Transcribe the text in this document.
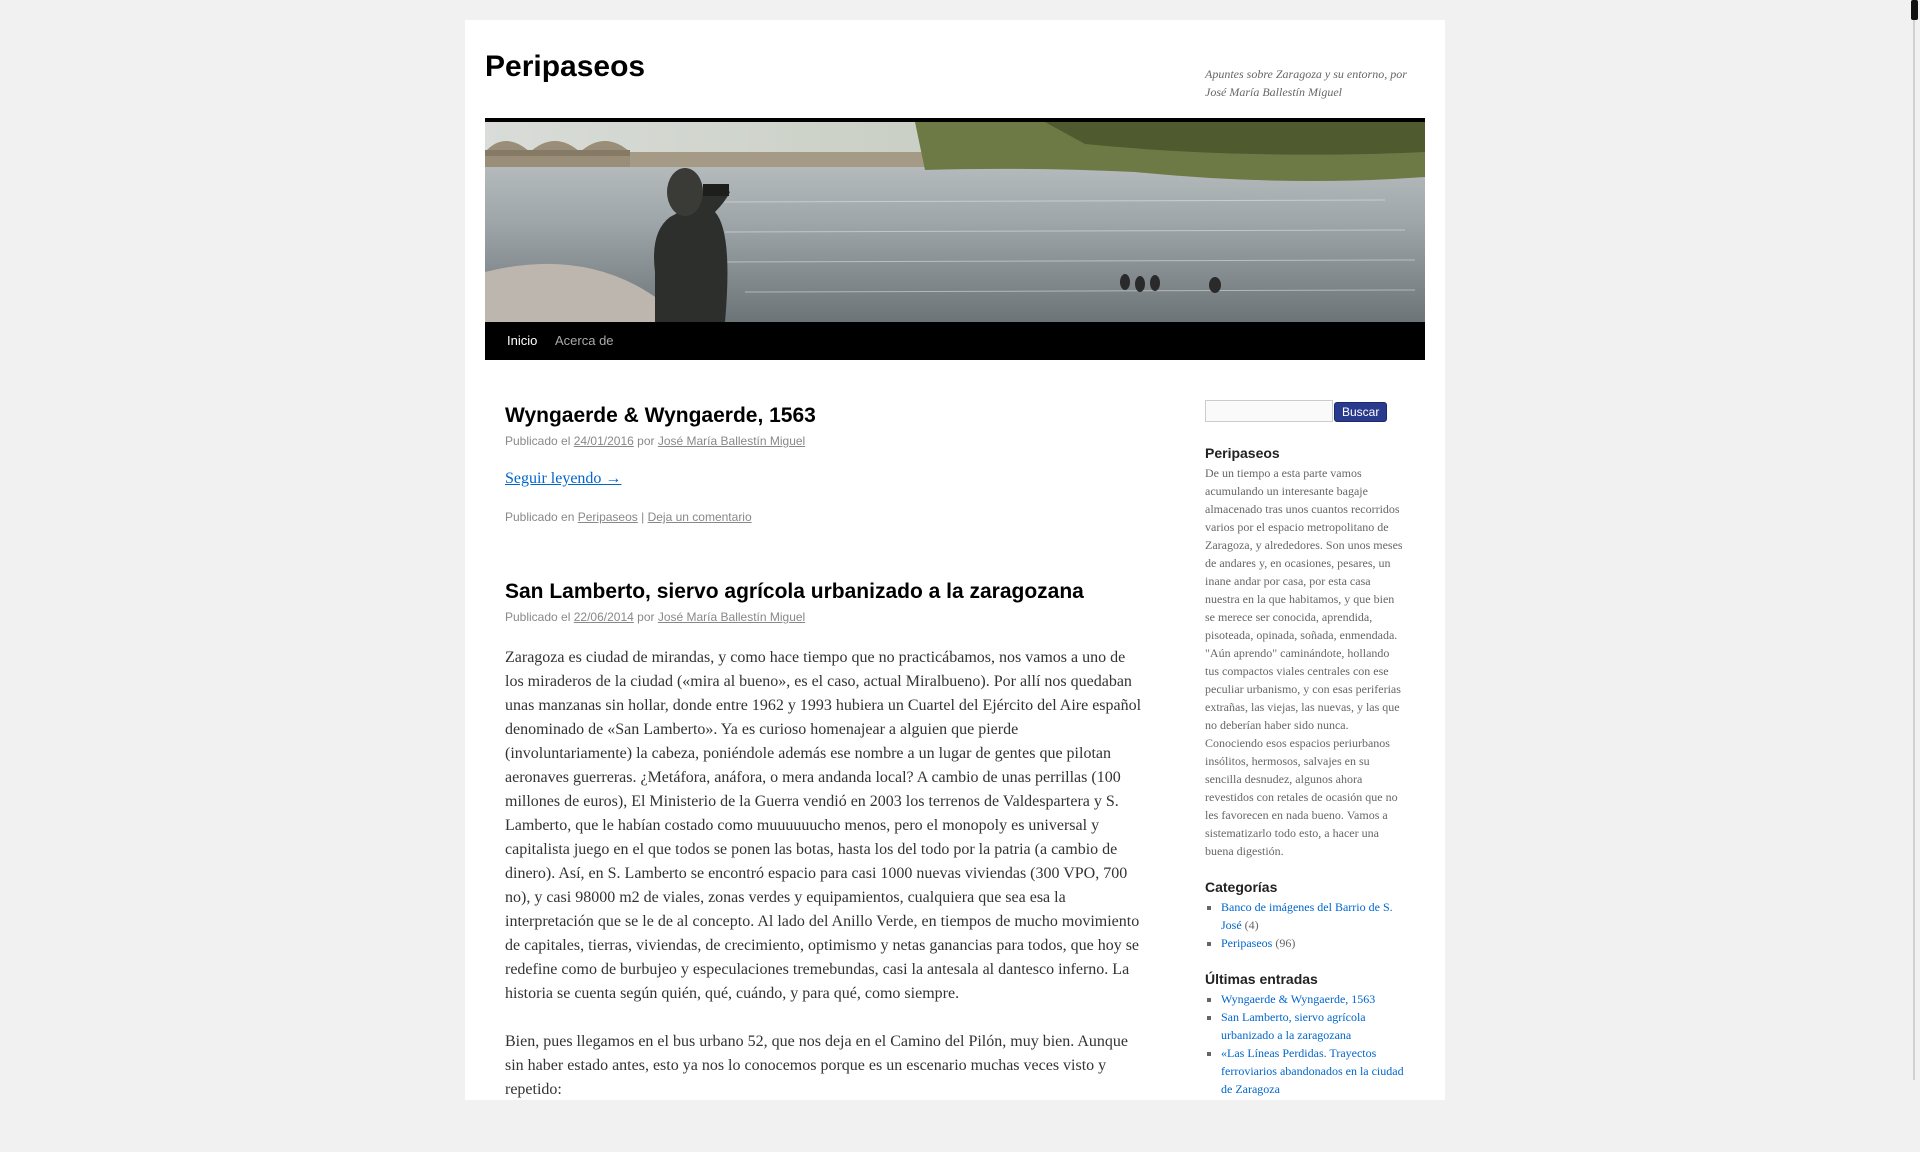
Peripaseos	Apuntes sobre Zaragoza y su entorno, por José María Ballestín Miguel
Inicio	Acerca de
Wyngaerde & Wyngaerde, 1563
Publicado el 24/01/2016 por José María Ballestín Miguel
Seguir leyendo →
Publicado en Peripaseos | Deja un comentario
San Lamberto, siervo agrícola urbanizado a la zaragozana
Publicado el 22/06/2014 por José María Ballestín Miguel

Zaragoza es ciudad de mirandas, y como hace tiempo que no practicábamos, nos vamos a uno de los miraderos de la ciudad («mira al bueno», es el caso, actual Miralbueno). Por allí nos quedaban unas manzanas sin hollar, donde entre 1962 y 1993 hubiera un Cuartel del Ejército del Aire español denominado de «San Lamberto». Ya es curioso homenajear a alguien que pierde (involuntariamente) la cabeza, poniéndole además ese nombre a un lugar de gentes que pilotan aeronaves guerreras. ¿Metáfora, anáfora, o mera andanda local? A cambio de unas perrillas (100 millones de euros), El Ministerio de la Guerra vendió en 2003 los terrenos de Valdespartera y S. Lamberto, que le habían costado como muuuuuucho menos, pero el monopoly es universal y capitalista juego en el que todos se ponen las botas, hasta los del todo por la patria (a cambio de dinero). Así, en S. Lamberto se encontró espacio para casi 1000 nuevas viviendas (300 VPO, 700 no), y casi 98000 m2 de viales, zonas verdes y equipamientos, cualquiera que sea esa la interpretación que se le de al concepto. Al lado del Anillo Verde, en tiempos de mucho movimiento de capitales, tierras, viviendas, de crecimiento, optimismo y netas ganancias para todos, que hoy se redefine como de burbujeo y especulaciones tremebundas, casi la antesala al dantesco inferno. La historia se cuenta según quién, qué, cuándo, y para qué, como siempre.

Bien, pues llegamos en el bus urbano 52, que nos deja en el Camino del Pilón, muy bien. Aunque sin haber estado antes, esto ya nos lo conocemos porque es un escenario muchas veces visto y repetido:

Buscar
Peripaseos

De un tiempo a esta parte vamos acumulando un interesante bagaje almacenado tras unos cuantos recorridos varios por el espacio metropolitano de Zaragoza, y alrededores. Son unos meses de andares y, en ocasiones, pesares, un inane andar por casa, por esta casa nuestra en la que habitamos, y que bien se merece ser conocida, aprendida, pisoteada, opinada, soñada, enmendada. "Aún aprendo" caminándote, hollando tus compactos viales centrales con ese peculiar urbanismo, y con esas periferias extrañas, las viejas, las nuevas, y las que no deberían haber sido nunca. Conociendo esos espacios periurbanos insólitos, hermosos, salvajes en su sencilla desnudez, algunos ahora revestidos con retales de ocasión que no les favorecen en nada bueno. Vamos a sistematizarlo todo esto, a hacer una buena digestión.

Categorías
▪ Banco de imágenes del Barrio de S. José (4)
▪ Peripaseos (96)
Últimas entradas
▪ Wyngaerde & Wyngaerde, 1563
▪ San Lamberto, siervo agrícola urbanizado a la zaragozana
▪ «Las Líneas Perdidas. Trayectos ferroviarios abandonados en la ciudad de Zaragoza
